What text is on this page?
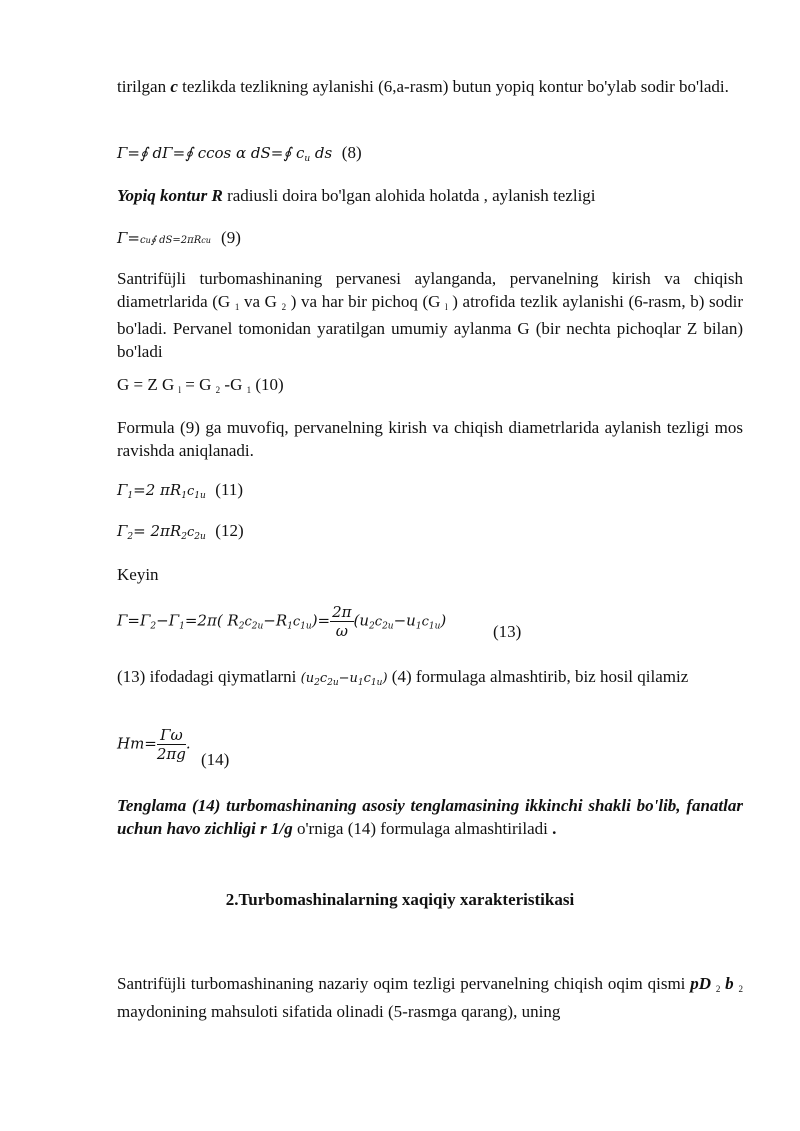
tirilgan c tezlikda tezlikning aylanishi (6,a-rasm) butun yopiq kontur bo'ylab sodir bo'ladi.
Γ=∮ dΓ=∮ ccos α dS=∮ $c_u$ ds (8)
Yopiq kontur R radiusli doira bo'lgan alohida holatda , aylanish tezligi
Γ=cu∮ dS=2πRcu (9)
Santrifüjli turbomashinaning pervanesi aylanganda, pervanelning kirish va chiqish diametrlarida (G $_1$ va G $_2$ ) va har bir pichoq (G $_l$ ) atrofida tezlik aylanishi (6-rasm, b) sodir bo'ladi. Pervanel tomonidan yaratilgan umumiy aylanma G (bir nechta pichoqlar Z bilan) bo'ladi
G = Z G $_l$ = G $_2$ -G $_1$ (10)
Formula (9) ga muvofiq, pervanelning kirish va chiqish diametrlarida aylanish tezligi mos ravishda aniqlanadi.
$\Gamma_1=2$ $\pi R_1c_{1u}$ (11)
$\Gamma_2= 2\pi R_2c_{2u}$ (12)
Keyin
$\Gamma=\Gamma_2-\Gamma_1=2\pi$( $R_2c_{2u}-R_1c_{1u})= \frac{2\pi}{\omega} (u_2c_{2u}-u_1c_{1u})$
(13)
(13) ifodadagi qiymatlarni $(u_2c_{2u}-u_1c_{1u})$ (4) formulaga almashtirib, biz hosil qilamiz
$Hm= \frac{\Gamma\omega}{2\pi g}$ .
(14)
Tenglama (14) turbomashinaning asosiy tenglamasining ikkinchi shakli bo'lib, fanatlar uchun havo zichligi r 1/g o'rniga (14) formulaga almashtiriladi .
2.Turbomashinalarning xaqiqiy xarakteristikasi
Santrifüjli turbomashinaning nazariy oqim tezligi pervanelning chiqish oqim qismi pD $_2$ b $_2$ maydonining mahsuloti sifatida olinadi (5-rasmga qarang), uning
